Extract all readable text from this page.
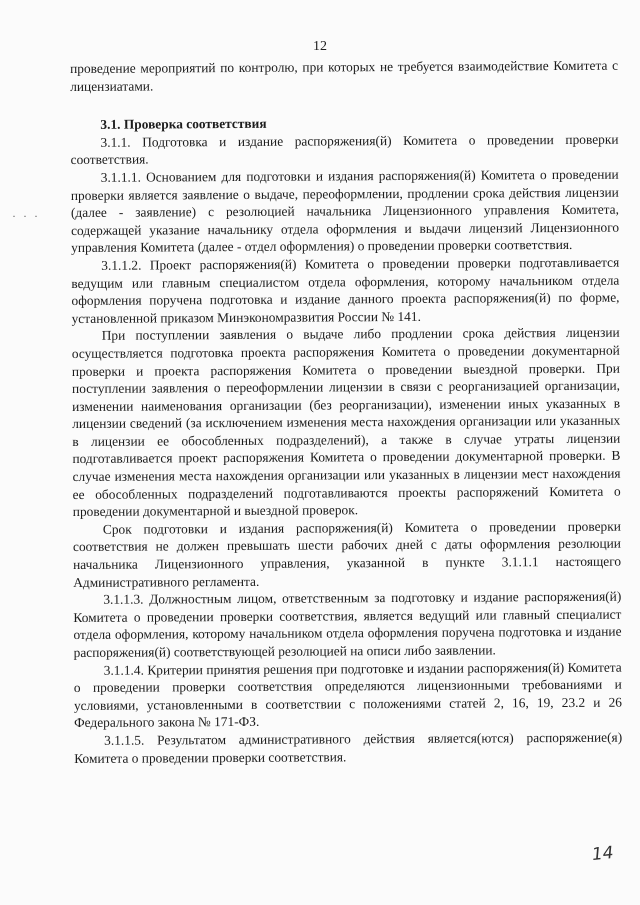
12
· · ·

проведение мероприятий по контролю, при которых не требуется взаимодействие Комитета с лицензиатами.

3.1. Проверка соответствия

3.1.1. Подготовка и издание распоряжения(й) Комитета о проведении проверки соответствия.

3.1.1.1. Основанием для подготовки и издания распоряжения(й) Комитета о проведении проверки является заявление о выдаче, переоформлении, продлении срока действия лицензии (далее - заявление) с резолюцией начальника Лицензионного управления Комитета, содержащей указание начальнику отдела оформления и выдачи лицензий Лицензионного управления Комитета (далее - отдел оформления) о проведении проверки соответствия.

3.1.1.2. Проект распоряжения(й) Комитета о проведении проверки подготавливается ведущим или главным специалистом отдела оформления, которому начальником отдела оформления поручена подготовка и издание данного проекта распоряжения(й) по форме, установленной приказом Минэкономразвития России № 141.

При поступлении заявления о выдаче либо продлении срока действия лицензии осуществляется подготовка проекта распоряжения Комитета о проведении документарной проверки и проекта распоряжения Комитета о проведении выездной проверки. При поступлении заявления о переоформлении лицензии в связи с реорганизацией организации, изменении наименования организации (без реорганизации), изменении иных указанных в лицензии сведений (за исключением изменения места нахождения организации или указанных в лицензии ее обособленных подразделений), а также в случае утраты лицензии подготавливается проект распоряжения Комитета о проведении документарной проверки. В случае изменения места нахождения организации или указанных в лицензии мест нахождения ее обособленных подразделений подготавливаются проекты распоряжений Комитета о проведении документарной и выездной проверок.

Срок подготовки и издания распоряжения(й) Комитета о проведении проверки соответствия не должен превышать шести рабочих дней с даты оформления резолюции начальника Лицензионного управления, указанной в пункте 3.1.1.1 настоящего Административного регламента.

3.1.1.3. Должностным лицом, ответственным за подготовку и издание распоряжения(й) Комитета о проведении проверки соответствия, является ведущий или главный специалист отдела оформления, которому начальником отдела оформления поручена подготовка и издание распоряжения(й) соответствующей резолюцией на описи либо заявлении.

3.1.1.4. Критерии принятия решения при подготовке и издании распоряжения(й) Комитета о проведении проверки соответствия определяются лицензионными требованиями и условиями, установленными в соответствии с положениями статей 2, 16, 19, 23.2 и 26 Федерального закона № 171-ФЗ.

3.1.1.5. Результатом административного действия является(ются) распоряжение(я) Комитета о проведении проверки соответствия.

14
